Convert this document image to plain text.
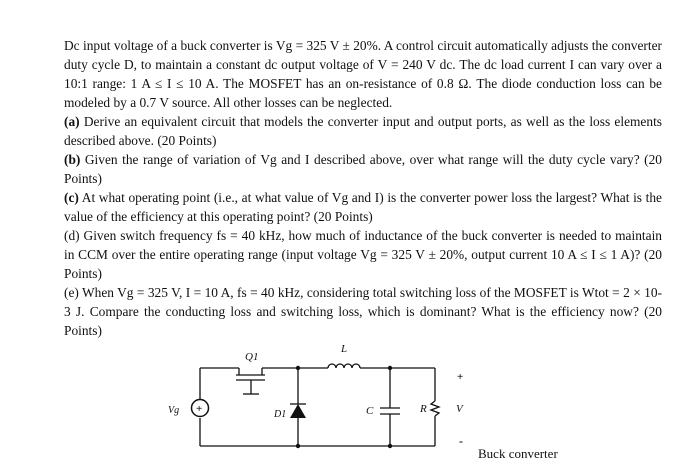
Dc input voltage of a buck converter is Vg = 325 V ± 20%. A control circuit automatically adjusts the converter duty cycle D, to maintain a constant dc output voltage of V = 240 V dc. The dc load current I can vary over a 10:1 range: 1 A ≤ I ≤ 10 A. The MOSFET has an on-resistance of 0.8 Ω. The diode conduction loss can be modeled by a 0.7 V source. All other losses can be neglected.

(a) Derive an equivalent circuit that models the converter input and output ports, as well as the loss elements described above. (20 Points)

(b) Given the range of variation of Vg and I described above, over what range will the duty cycle vary? (20 Points)

(c) At what operating point (i.e., at what value of Vg and I) is the converter power loss the largest? What is the value of the efficiency at this operating point? (20 Points)

(d) Given switch frequency fs = 40 kHz, how much of inductance of the buck converter is needed to maintain in CCM over the entire operating range (input voltage Vg = 325 V ± 20%, output current 10 A ≤ I ≤ 1 A)? (20 Points)

(e) When Vg = 325 V, I = 10 A, fs = 40 kHz, considering total switching loss of the MOSFET is Wtot = 2 × 10-3 J. Compare the conducting loss and switching loss, which is dominant? What is the efficiency now? (20 Points)

+
Q1
L
Vg	D1	C	R	V
+
-
Buck converter
